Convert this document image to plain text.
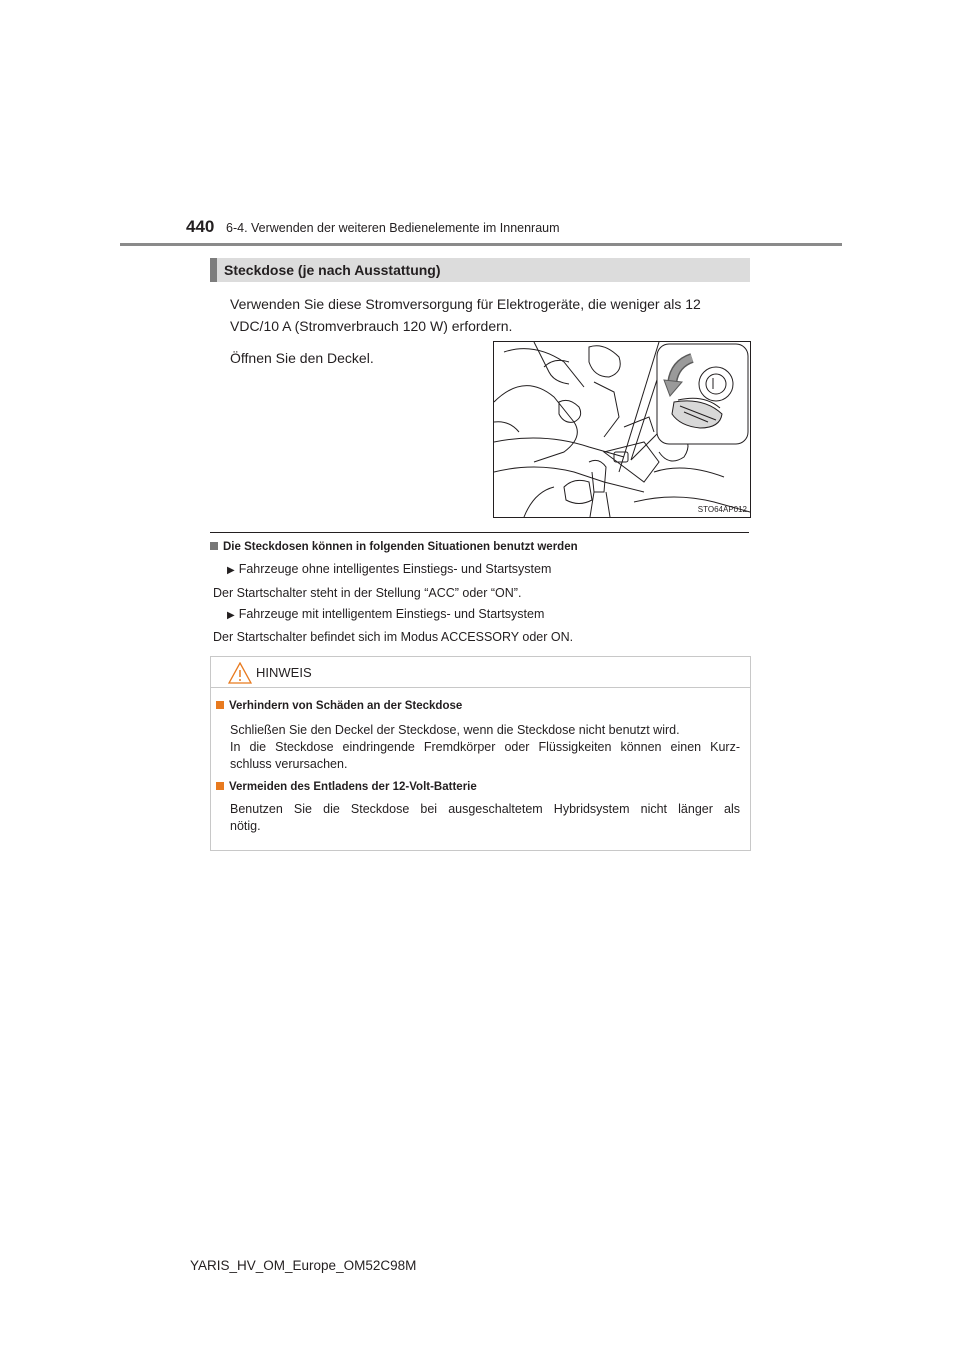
440 6-4. Verwenden der weiteren Bedienelemente im Innenraum
Steckdose (je nach Ausstattung)
Verwenden Sie diese Stromversorgung für Elektrogeräte, die weniger als 12
VDC/10 A (Stromverbrauch 120 W) erfordern.
Öffnen Sie den Deckel.
STO64AP012
Die Steckdosen können in folgenden Situationen benutzt werden
▶ Fahrzeuge ohne intelligentes Einstiegs- und Startsystem
Der Startschalter steht in der Stellung “ACC” oder “ON”.
▶ Fahrzeuge mit intelligentem Einstiegs- und Startsystem
Der Startschalter befindet sich im Modus ACCESSORY oder ON.
HINWEIS
Verhindern von Schäden an der Steckdose
Schließen Sie den Deckel der Steckdose, wenn die Steckdose nicht benutzt wird.
In die Steckdose eindringende Fremdkörper oder Flüssigkeiten können einen Kurz-
schluss verursachen.
Vermeiden des Entladens der 12-Volt-Batterie
Benutzen Sie die Steckdose bei ausgeschaltetem Hybridsystem nicht länger als
nötig.
YARIS_HV_OM_Europe_OM52C98M
